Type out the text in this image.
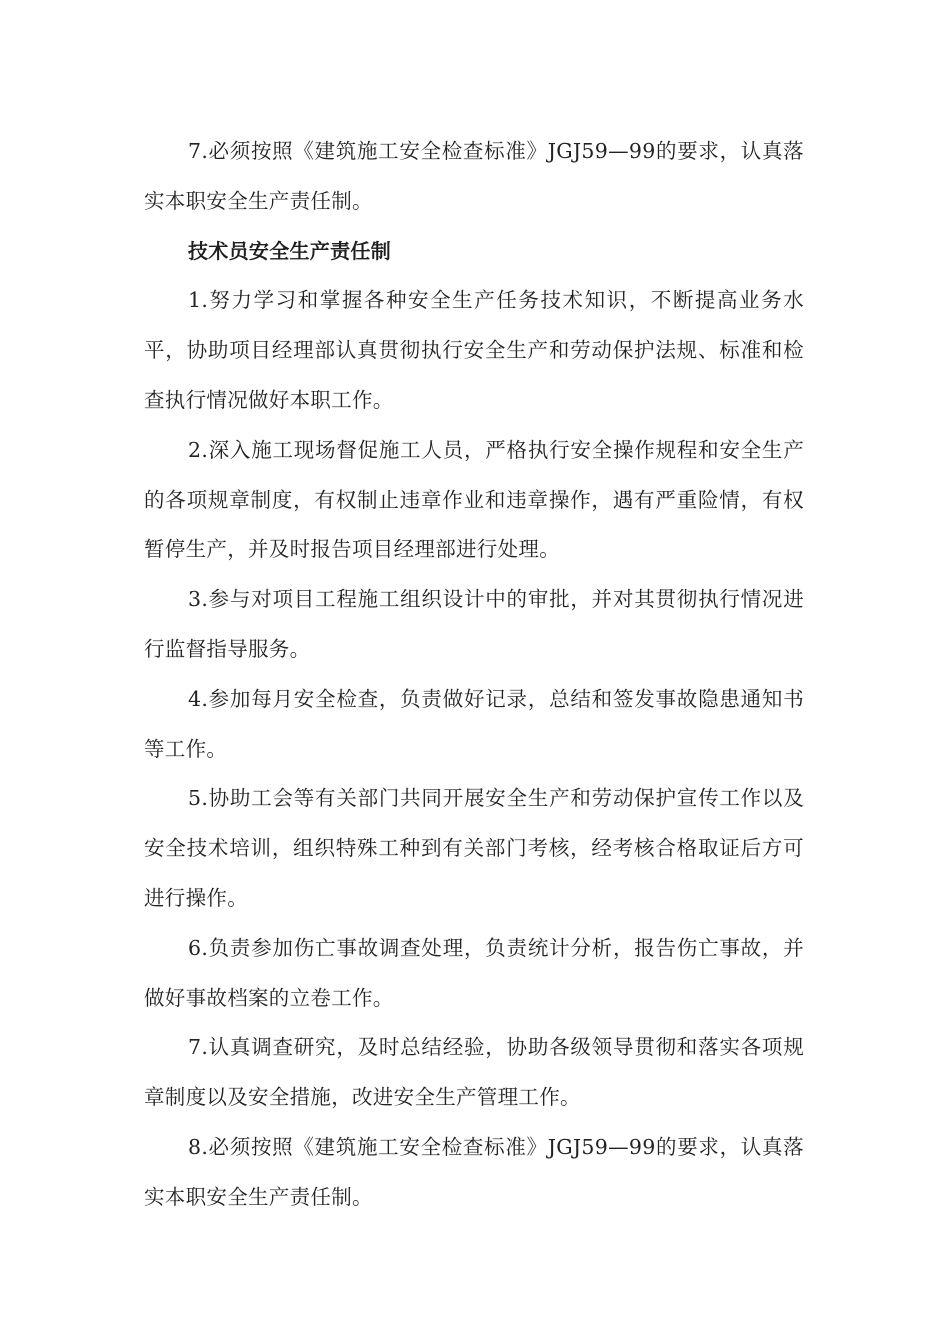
7.必须按照《建筑施工安全检查标准》JGJ59—99的要求，认真落实本职安全生产责任制。

技术员安全生产责任制

1.努力学习和掌握各种安全生产任务技术知识，不断提高业务水平，协助项目经理部认真贯彻执行安全生产和劳动保护法规、标准和检查执行情况做好本职工作。

2.深入施工现场督促施工人员，严格执行安全操作规程和安全生产的各项规章制度，有权制止违章作业和违章操作，遇有严重险情，有权暂停生产，并及时报告项目经理部进行处理。

3.参与对项目工程施工组织设计中的审批，并对其贯彻执行情况进行监督指导服务。

4.参加每月安全检查，负责做好记录，总结和签发事故隐患通知书等工作。

5.协助工会等有关部门共同开展安全生产和劳动保护宣传工作以及安全技术培训，组织特殊工种到有关部门考核，经考核合格取证后方可进行操作。

6.负责参加伤亡事故调查处理，负责统计分析，报告伤亡事故，并做好事故档案的立卷工作。

7.认真调查研究，及时总结经验，协助各级领导贯彻和落实各项规章制度以及安全措施，改进安全生产管理工作。

8.必须按照《建筑施工安全检查标准》JGJ59—99的要求，认真落实本职安全生产责任制。
